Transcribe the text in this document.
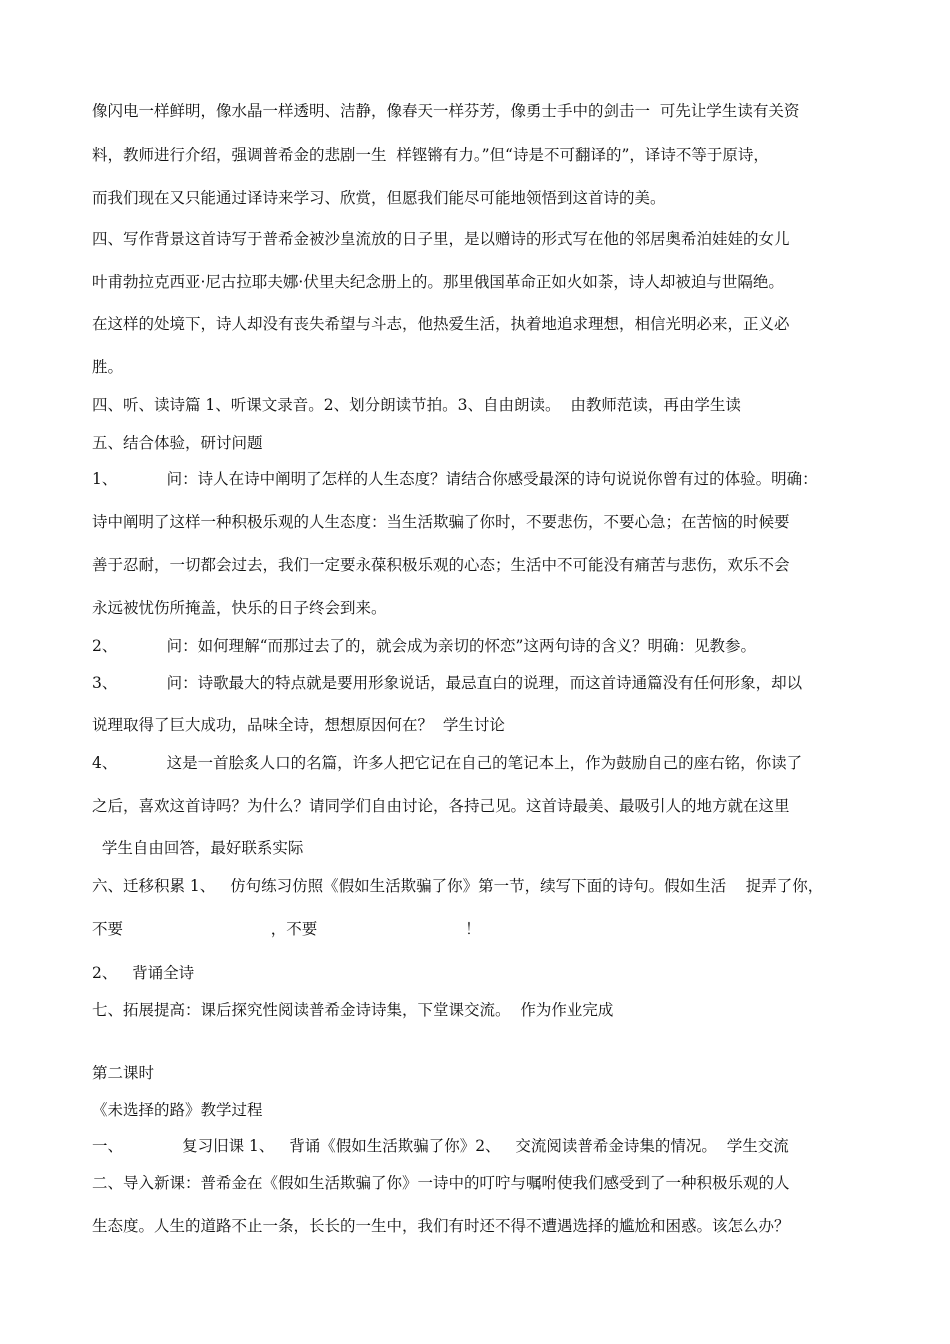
像闪电一样鲜明，像水晶一样透明、洁静，像春天一样芬芳，像勇士手中的剑击一  可先让学生读有关资
料，教师进行介绍，强调普希金的悲剧一生  样铿锵有力。”但“诗是不可翻译的”，译诗不等于原诗，
而我们现在又只能通过译诗来学习、欣赏，但愿我们能尽可能地领悟到这首诗的美。
四、写作背景这首诗写于普希金被沙皇流放的日子里，是以赠诗的形式写在他的邻居奥希泊娃娃的女儿
叶甫勃拉克西亚·尼古拉耶夫娜·伏里夫纪念册上的。那里俄国革命正如火如荼，诗人却被迫与世隔绝。
在这样的处境下，诗人却没有丧失希望与斗志，他热爱生活，执着地追求理想，相信光明必来，正义必
胜。
四、听、读诗篇 1、听课文录音。2、划分朗读节拍。3、自由朗读。  由教师范读，再由学生读
五、结合体验，研讨问题
1、          问：诗人在诗中阐明了怎样的人生态度？请结合你感受最深的诗句说说你曾有过的体验。明确：
诗中阐明了这样一种积极乐观的人生态度：当生活欺骗了你时，不要悲伤，不要心急；在苦恼的时候要
善于忍耐，一切都会过去，我们一定要永葆积极乐观的心态；生活中不可能没有痛苦与悲伤，欢乐不会
永远被忧伤所掩盖，快乐的日子终会到来。
2、          问：如何理解“而那过去了的，就会成为亲切的怀恋”这两句诗的含义？明确：见教参。
3、          问：诗歌最大的特点就是要用形象说话，最忌直白的说理，而这首诗通篇没有任何形象，却以
说理取得了巨大成功，品味全诗，想想原因何在？  学生讨论
4、          这是一首脍炙人口的名篇，许多人把它记在自己的笔记本上，作为鼓励自己的座右铭，你读了
之后，喜欢这首诗吗？为什么？请同学们自由讨论，各持己见。这首诗最美、最吸引人的地方就在这里
学生自由回答，最好联系实际
六、迁移积累 1、   仿句练习仿照《假如生活欺骗了你》第一节，续写下面的诗句。假如生活    捉弄了你，
不要                              ，不要                              ！
2、   背诵全诗
七、拓展提高：课后探究性阅读普希金诗诗集，下堂课交流。  作为作业完成
第二课时
《未选择的路》教学过程
一、            复习旧课 1、   背诵《假如生活欺骗了你》2、   交流阅读普希金诗集的情况。  学生交流
二、导入新课：普希金在《假如生活欺骗了你》一诗中的叮咛与嘱咐使我们感受到了一种积极乐观的人
生态度。人生的道路不止一条，长长的一生中，我们有时还不得不遭遇选择的尴尬和困惑。该怎么办？
